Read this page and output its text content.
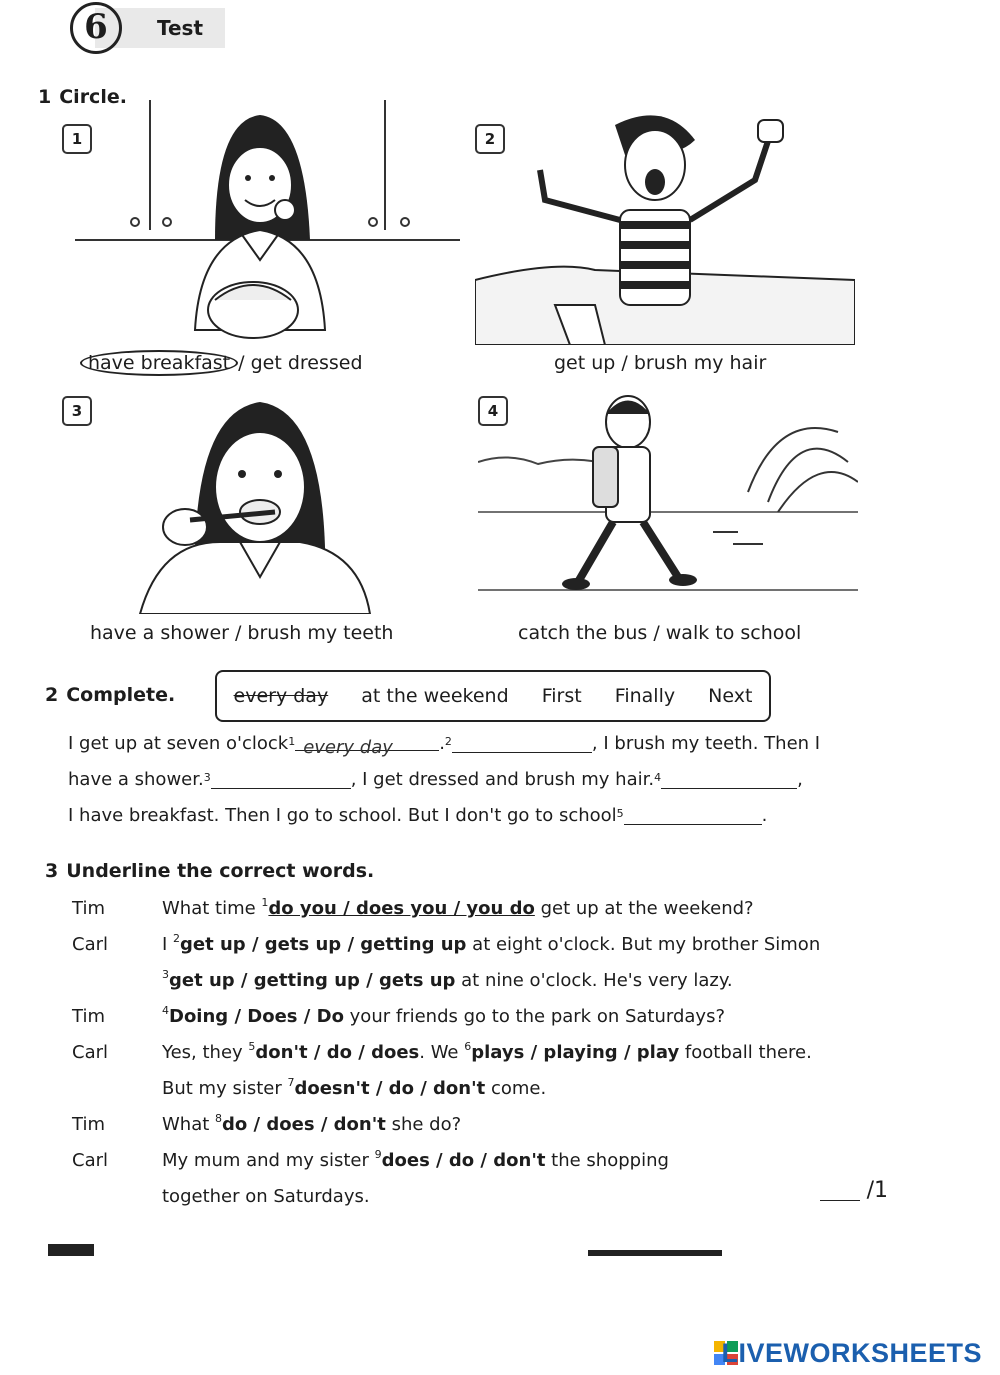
6	Test
1 Circle.
1
have breakfast / get dressed
2
get up / brush my hair
3
have a shower / brush my teeth
4
catch the bus / walk to school
2 Complete.	every day at the weekend First Finally Next
I get up at seven o'clock$^1$ every day	.$^2$	, I brush my teeth. Then I
have a shower.$^3$	, I get dressed and brush my hair.$^4$	,
I have breakfast. Then I go to school. But I don't go to school$^5$	.
3 Underline the correct words.
Tim	What time $^1$do you / does you / you do get up at the weekend?
Carl	I $^2$get up / gets up / getting up at eight o'clock. But my brother Simon
$^3$get up / getting up / gets up at nine o'clock. He's very lazy.
Tim	$^4$Doing / Does / Do your friends go to the park on Saturdays?
Carl	Yes, they $^5$don't / do / does. We $^6$plays / playing / play football there.
But my sister $^7$doesn't / do / don't come.
Tim	What $^8$do / does / don't she do?
Carl	My mum and my sister $^9$does / do / don't the shopping
together on Saturdays.	/1
LIVEWORKSHEETS
